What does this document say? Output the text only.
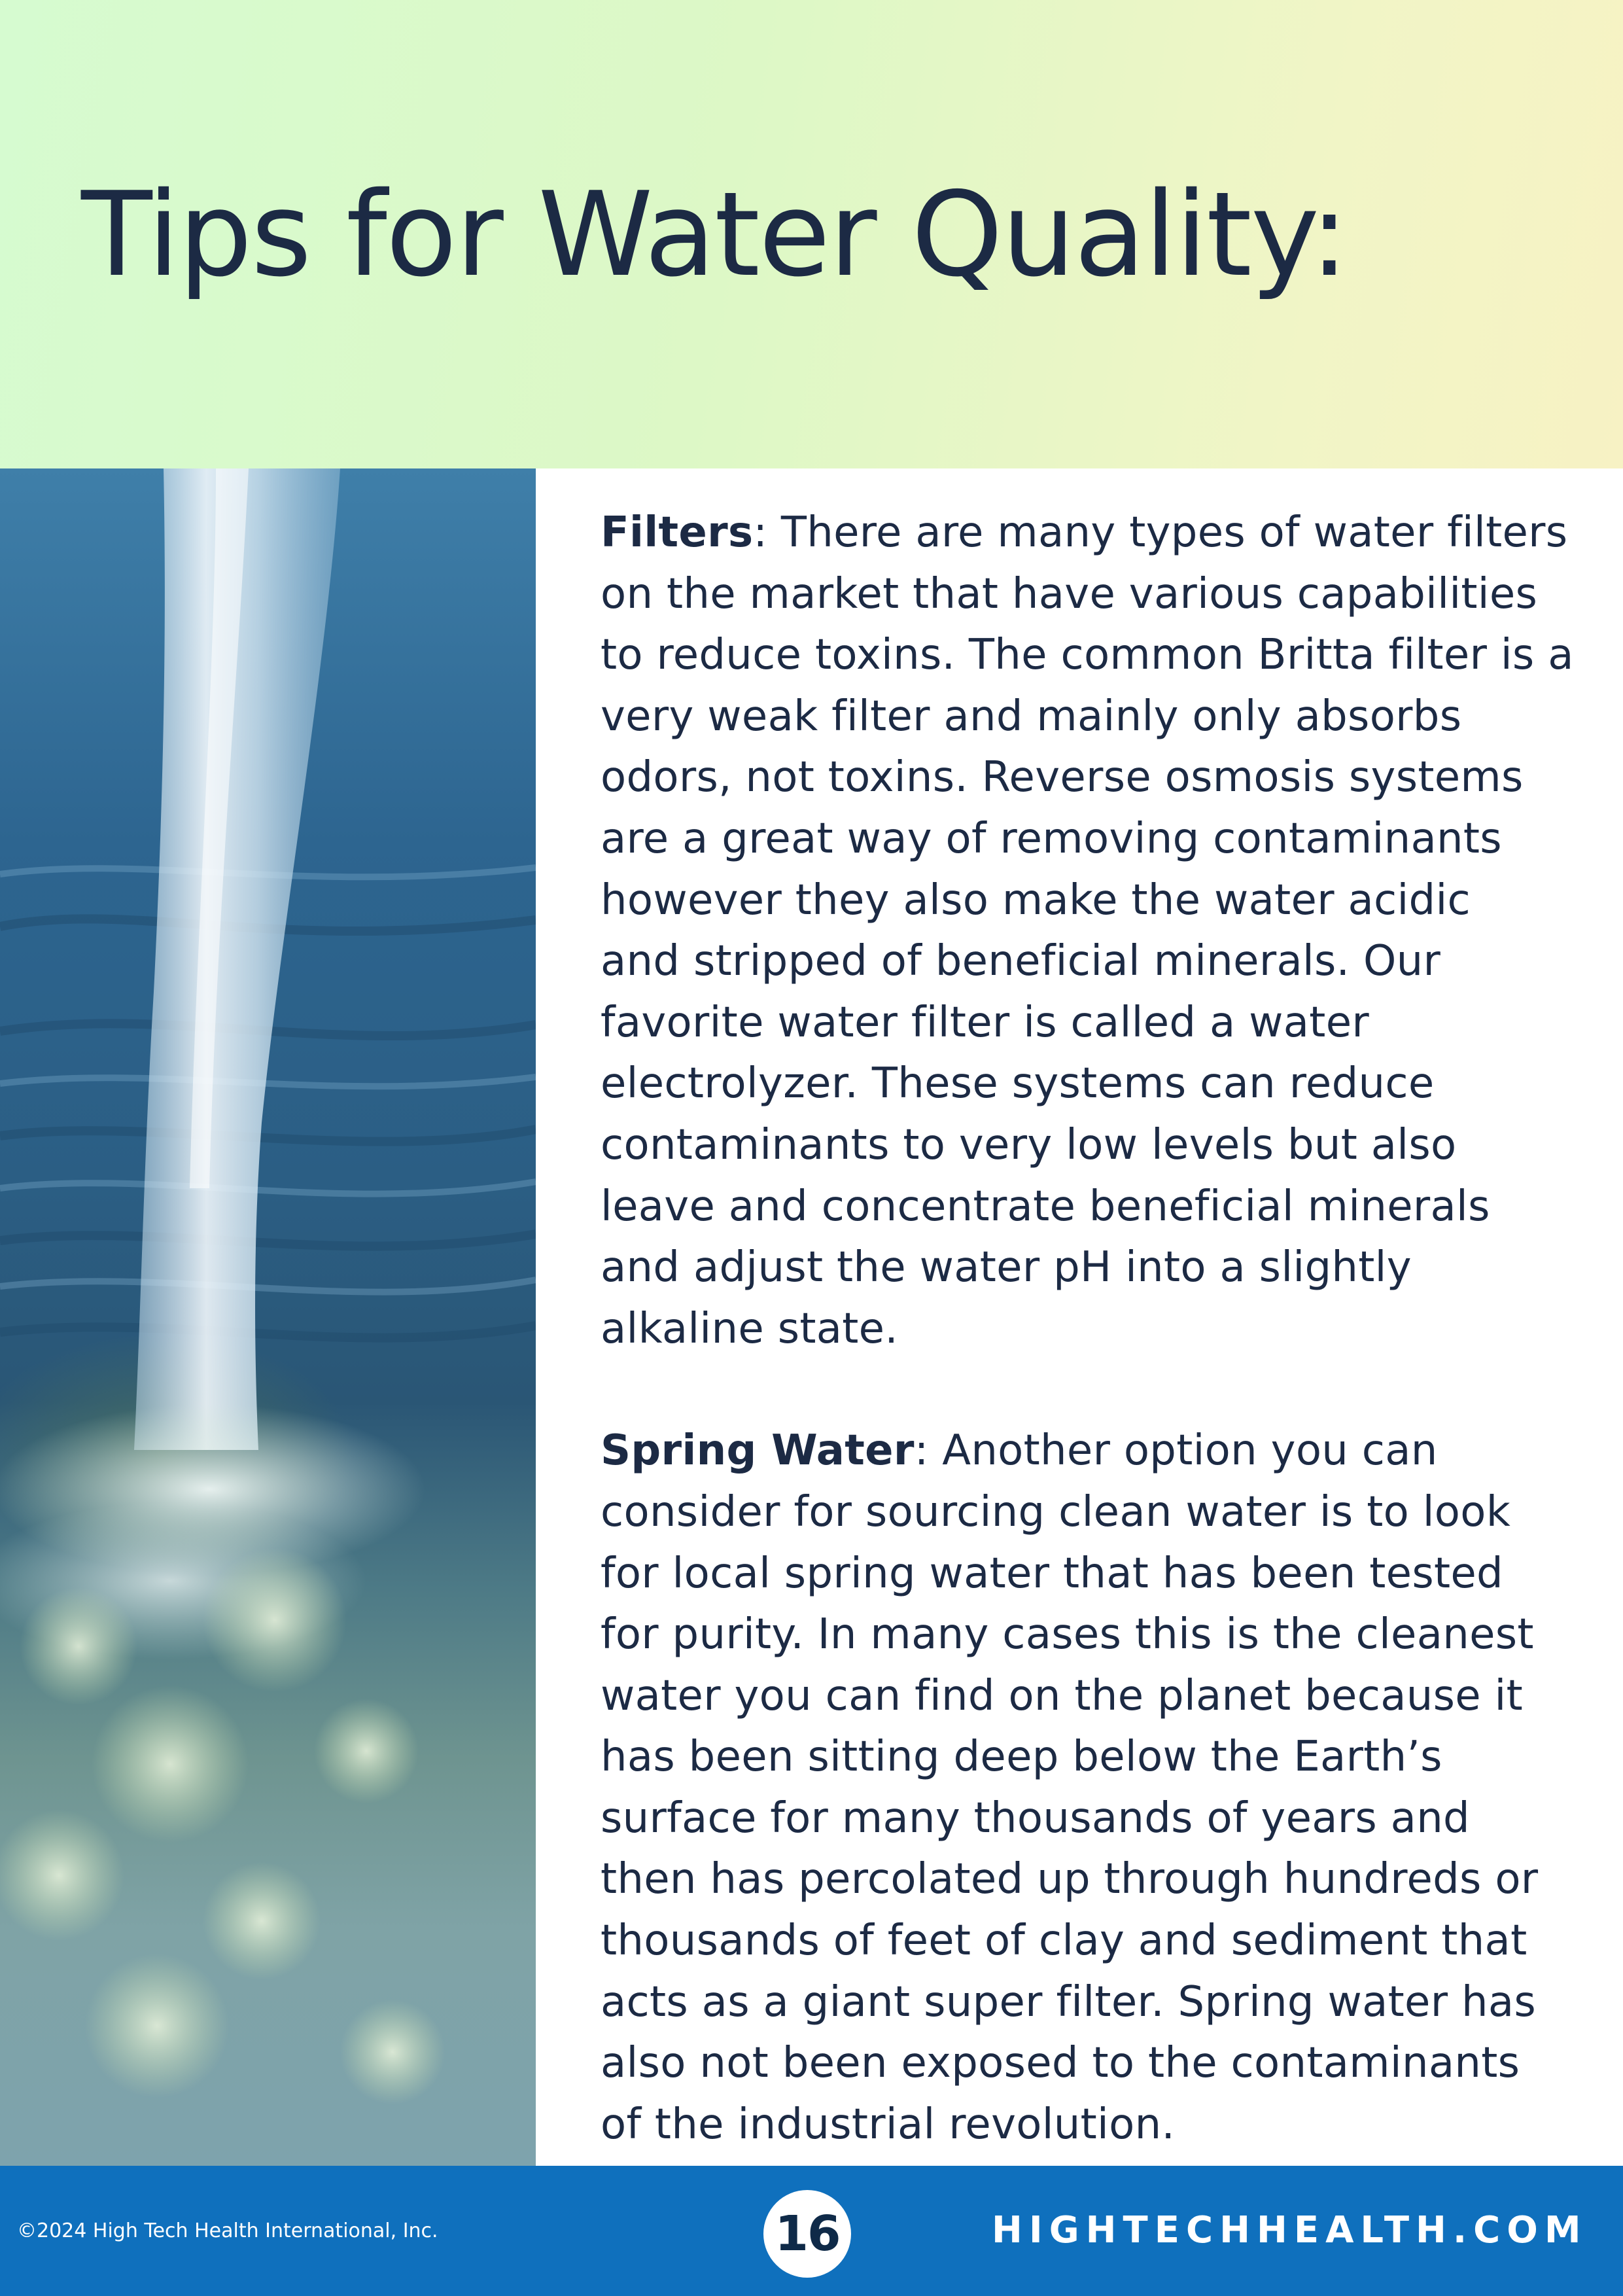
Tips for Water Quality:

Filters: There are many types of water filters
on the market that have various capabilities
to reduce toxins. The common Britta filter is a
very weak filter and mainly only absorbs
odors, not toxins. Reverse osmosis systems
are a great way of removing contaminants
however they also make the water acidic
and stripped of beneficial minerals. Our
favorite water filter is called a water
electrolyzer. These systems can reduce
contaminants to very low levels but also
leave and concentrate beneficial minerals
and adjust the water pH into a slightly
alkaline state.

Spring Water: Another option you can
consider for sourcing clean water is to look
for local spring water that has been tested
for purity. In many cases this is the cleanest
water you can find on the planet because it
has been sitting deep below the Earth’s
surface for many thousands of years and
then has percolated up through hundreds or
thousands of feet of clay and sediment that
acts as a giant super filter. Spring water has
also not been exposed to the contaminants
of the industrial revolution.

©2024 High Tech Health International, Inc.	16	HIGHTECHHEALTH.COM
